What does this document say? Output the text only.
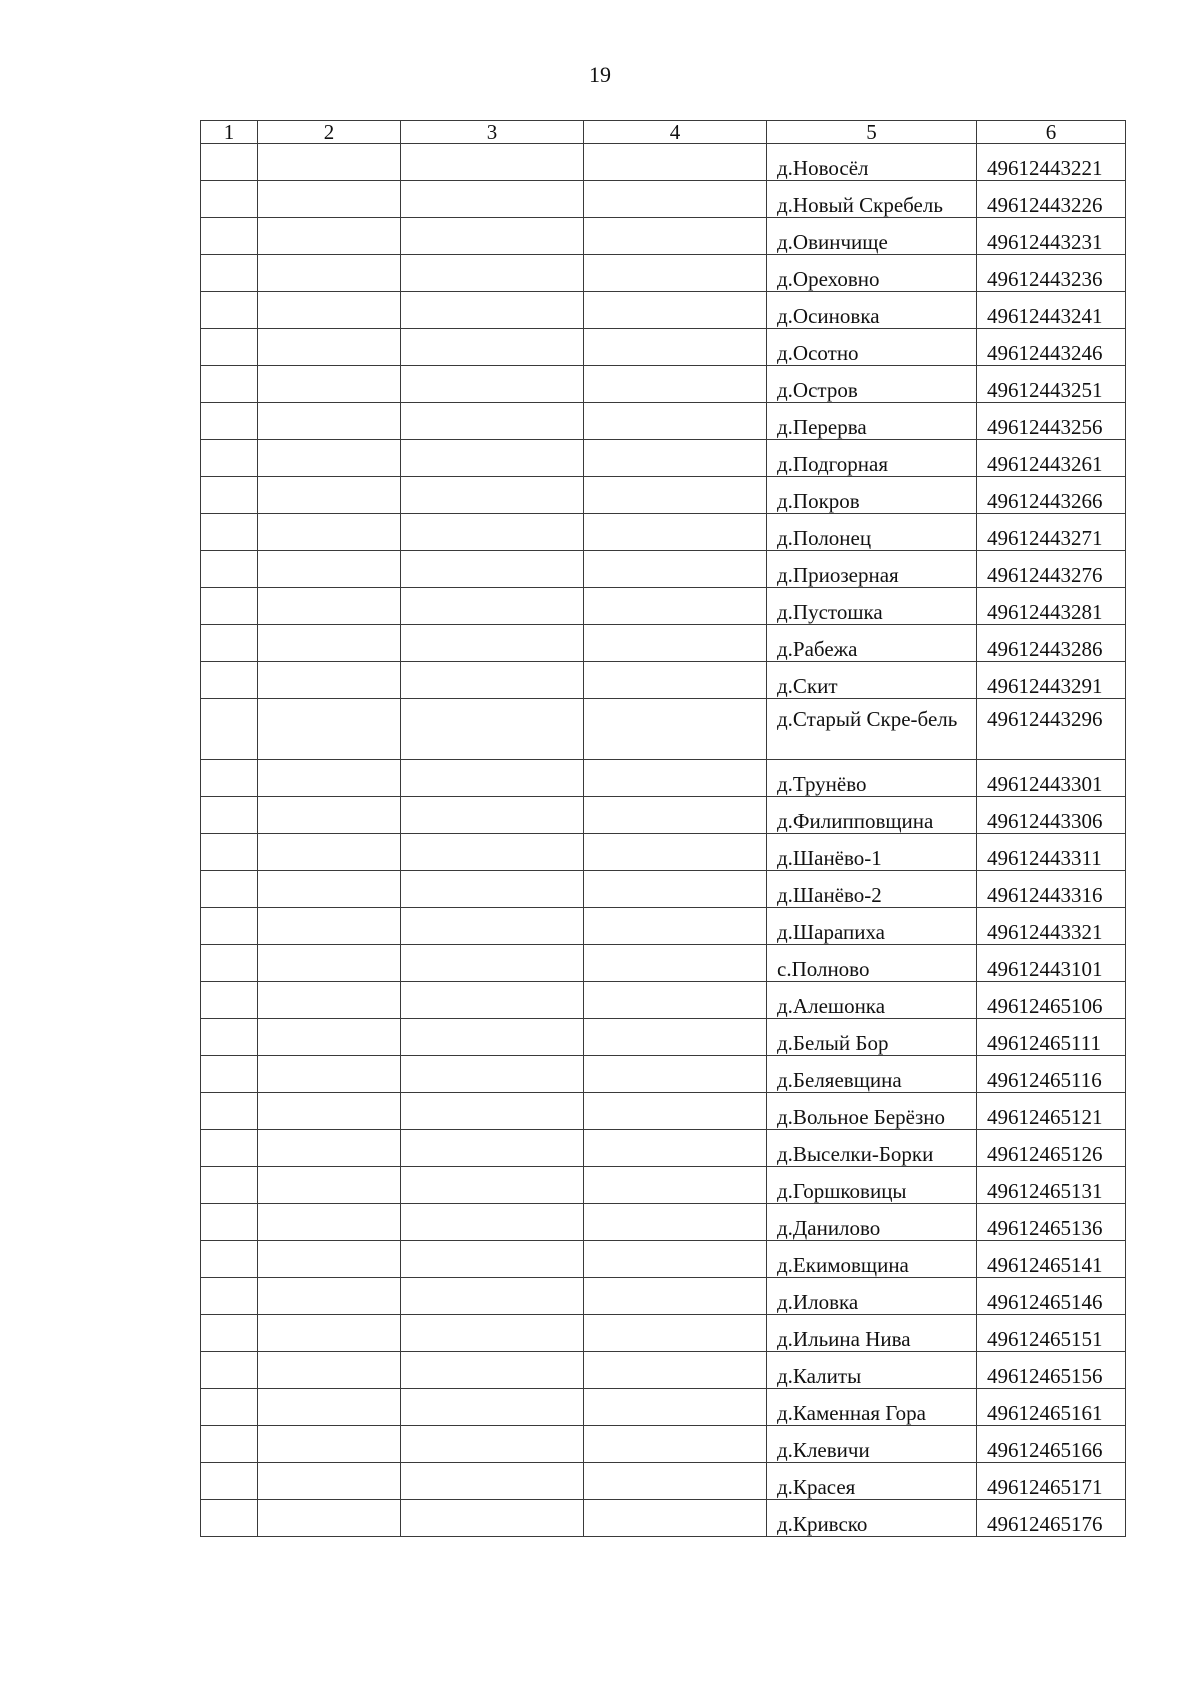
19
1	2	3	4	5	6
				д.Новосёл	49612443221
				д.Новый Скребель	49612443226
				д.Овинчище	49612443231
				д.Ореховно	49612443236
				д.Осиновка	49612443241
				д.Осотно	49612443246
				д.Остров	49612443251
				д.Перерва	49612443256
				д.Подгорная	49612443261
				д.Покров	49612443266
				д.Полонец	49612443271
				д.Приозерная	49612443276
				д.Пустошка	49612443281
				д.Рабежа	49612443286
				д.Скит	49612443291
				д.Старый Скре-бель	49612443296
				д.Трунёво	49612443301
				д.Филипповщина	49612443306
				д.Шанёво-1	49612443311
				д.Шанёво-2	49612443316
				д.Шарапиха	49612443321
				с.Полново	49612443101
				д.Алешонка	49612465106
				д.Белый Бор	49612465111
				д.Беляевщина	49612465116
				д.Вольное Берёзно	49612465121
				д.Выселки-Борки	49612465126
				д.Горшковицы	49612465131
				д.Данилово	49612465136
				д.Екимовщина	49612465141
				д.Иловка	49612465146
				д.Ильина Нива	49612465151
				д.Калиты	49612465156
				д.Каменная Гора	49612465161
				д.Клевичи	49612465166
				д.Красея	49612465171
				д.Кривско	49612465176
